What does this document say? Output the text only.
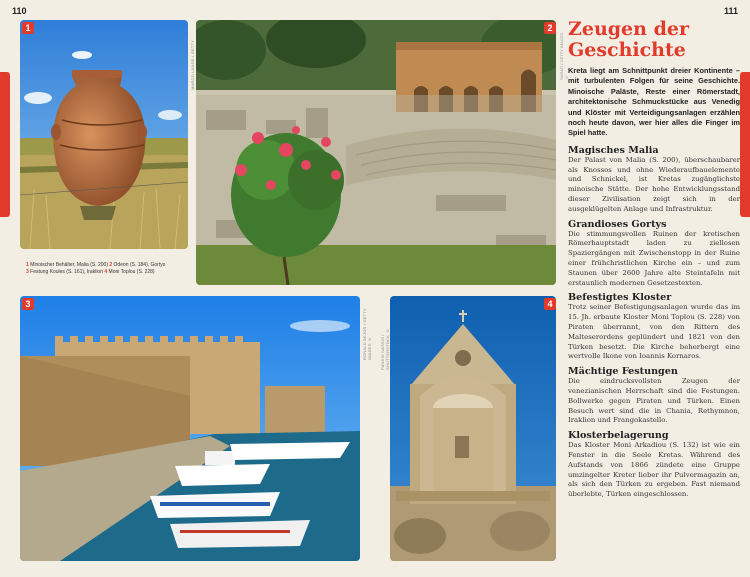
110	111
1
MARCO LANGE / GETTY
1 Minoischer Behälter, Malia (S. 200) 2 Odeon (S. 184), Gortys
3 Festung Koules (S. 161), Iraklion 4 Moni Toplou (S. 228)
2
SARATI / GETTY IMAGES ©
3
RONALD BEJOR / GETTY IMAGES ©
4
PANDIS NASSIS / SHUTTERSTOCK ©
Zeugen der
Geschichte
Kreta liegt am Schnittpunkt dreier Kontinente – mit turbulenten Folgen für seine Geschichte. Minoische Paläste, Reste einer Römerstadt, architektonische Schmuckstücke aus Venedig und Klöster mit Verteidigungsanlagen erzählen noch heute davon, wer hier alles die Finger im Spiel hatte.
Magisches Malia
Der Palast von Malia (S. 200), überschaubarer als Knossos und ohne Wiederaufbauelemente und Schnickel, ist Kretas zugänglichste minoische Stätte. Der hohe Entwicklungsstand dieser Zivilisation zeigt sich in der ausgeklügelten Anlage und Infrastruktur.
Grandioses Gortys
Die stimmungsvollen Ruinen der kretischen Römerhauptstadt laden zu ziellosen Spaziergängen mit Zwischenstopp in der Ruine einer frühchristlichen Kirche ein – und zum Staunen über 2600 Jahre alte Steintafeln mit erstaunlich modernen Gesetzestexten.
Befestigtes Kloster
Trotz seiner Befestigungsanlagen wurde das im 15. Jh. erbaute Kloster Moni Toplou (S. 228) von Piraten überrannt, von den Rittern des Malteserordens geplündert und 1821 von den Türken besetzt. Die Kirche beherbergt eine wertvolle Ikone von Ioannis Kornaros.
Mächtige Festungen
Die eindrucksvollsten Zeugen der venezianischen Herrschaft sind die Festungen. Bollwerke gegen Piraten und Türken. Einen Besuch wert sind die in Chania, Rethymnon, Iraklion und Frangokastello.
Klosterbelagerung
Das Kloster Moni Arkadiou (S. 132) ist wie ein Fenster in die Seele Kretas. Während des Aufstands von 1866 zündete eine Gruppe umzingelter Kreter lieber ihr Pulvermagazin an, als sich den Türken zu ergeben. Fast niemand überlebte, Türken eingeschlossen.
